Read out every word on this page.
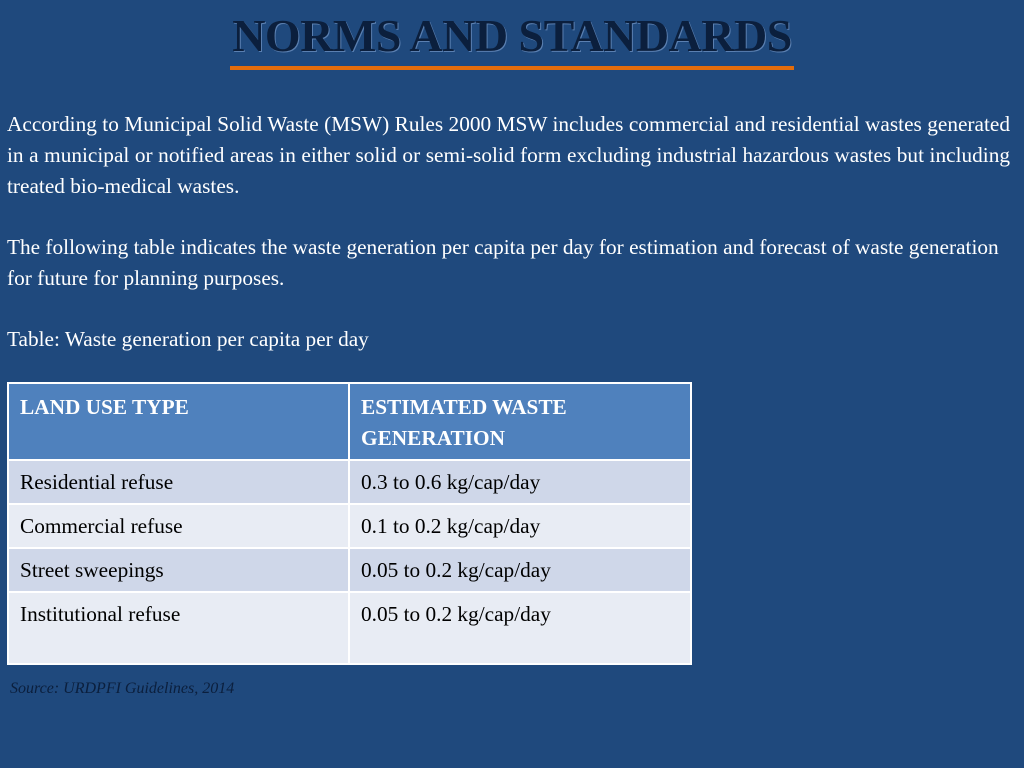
NORMS AND STANDARDS

According to Municipal Solid Waste (MSW) Rules 2000 MSW includes commercial and residential wastes generated in a municipal or notified areas in either solid or semi-solid form excluding industrial hazardous wastes but including treated bio-medical wastes.

The following table indicates the waste generation per capita per day for estimation and forecast of waste generation for future for planning purposes.

Table: Waste generation per capita per day

LAND USE TYPE	ESTIMATED WASTE GENERATION
Residential refuse	0.3 to 0.6 kg/cap/day
Commercial refuse	0.1 to 0.2 kg/cap/day
Street sweepings	0.05 to 0.2 kg/cap/day
Institutional refuse	0.05 to 0.2 kg/cap/day

Source: URDPFI Guidelines, 2014
